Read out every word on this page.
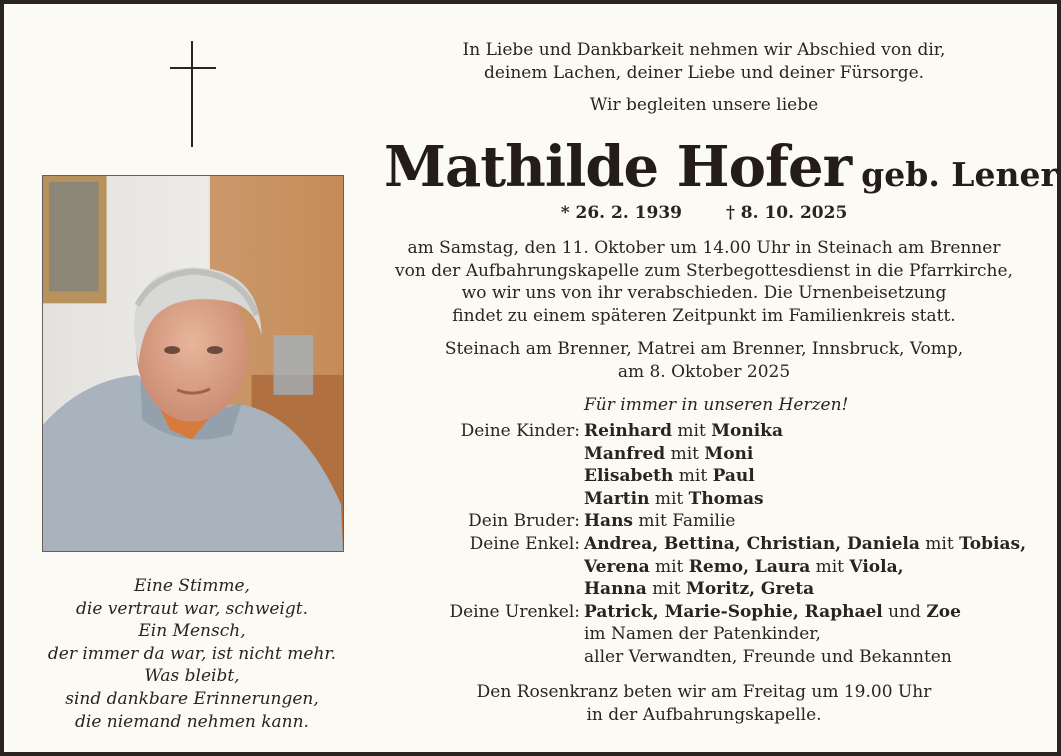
Eine Stimme,
die vertraut war, schweigt.
Ein Mensch,
der immer da war, ist nicht mehr.
Was bleibt,
sind dankbare Erinnerungen,
die niemand nehmen kann.
In Liebe und Dankbarkeit nehmen wir Abschied von dir,
deinem Lachen, deiner Liebe und deiner Fürsorge.
Wir begleiten unsere liebe
Mathilde Hofer geb. Lener
* 26. 2. 1939	† 8. 10. 2025
am Samstag, den 11. Oktober um 14.00 Uhr in Steinach am Brenner
von der Aufbahrungskapelle zum Sterbegottesdienst in die Pfarrkirche,
wo wir uns von ihr verabschieden. Die Urnenbeisetzung
findet zu einem späteren Zeitpunkt im Familienkreis statt.
Steinach am Brenner, Matrei am Brenner, Innsbruck, Vomp,
am 8. Oktober 2025
Für immer in unseren Herzen!
Deine Kinder: Reinhard mit Monika
Manfred mit Moni
Elisabeth mit Paul
Martin mit Thomas
Dein Bruder: Hans mit Familie
Deine Enkel: Andrea, Bettina, Christian, Daniela mit Tobias,
Verena mit Remo, Laura mit Viola,
Hanna mit Moritz, Greta
Deine Urenkel: Patrick, Marie-Sophie, Raphael und Zoe
im Namen der Patenkinder,
aller Verwandten, Freunde und Bekannten
Den Rosenkranz beten wir am Freitag um 19.00 Uhr
in der Aufbahrungskapelle.
